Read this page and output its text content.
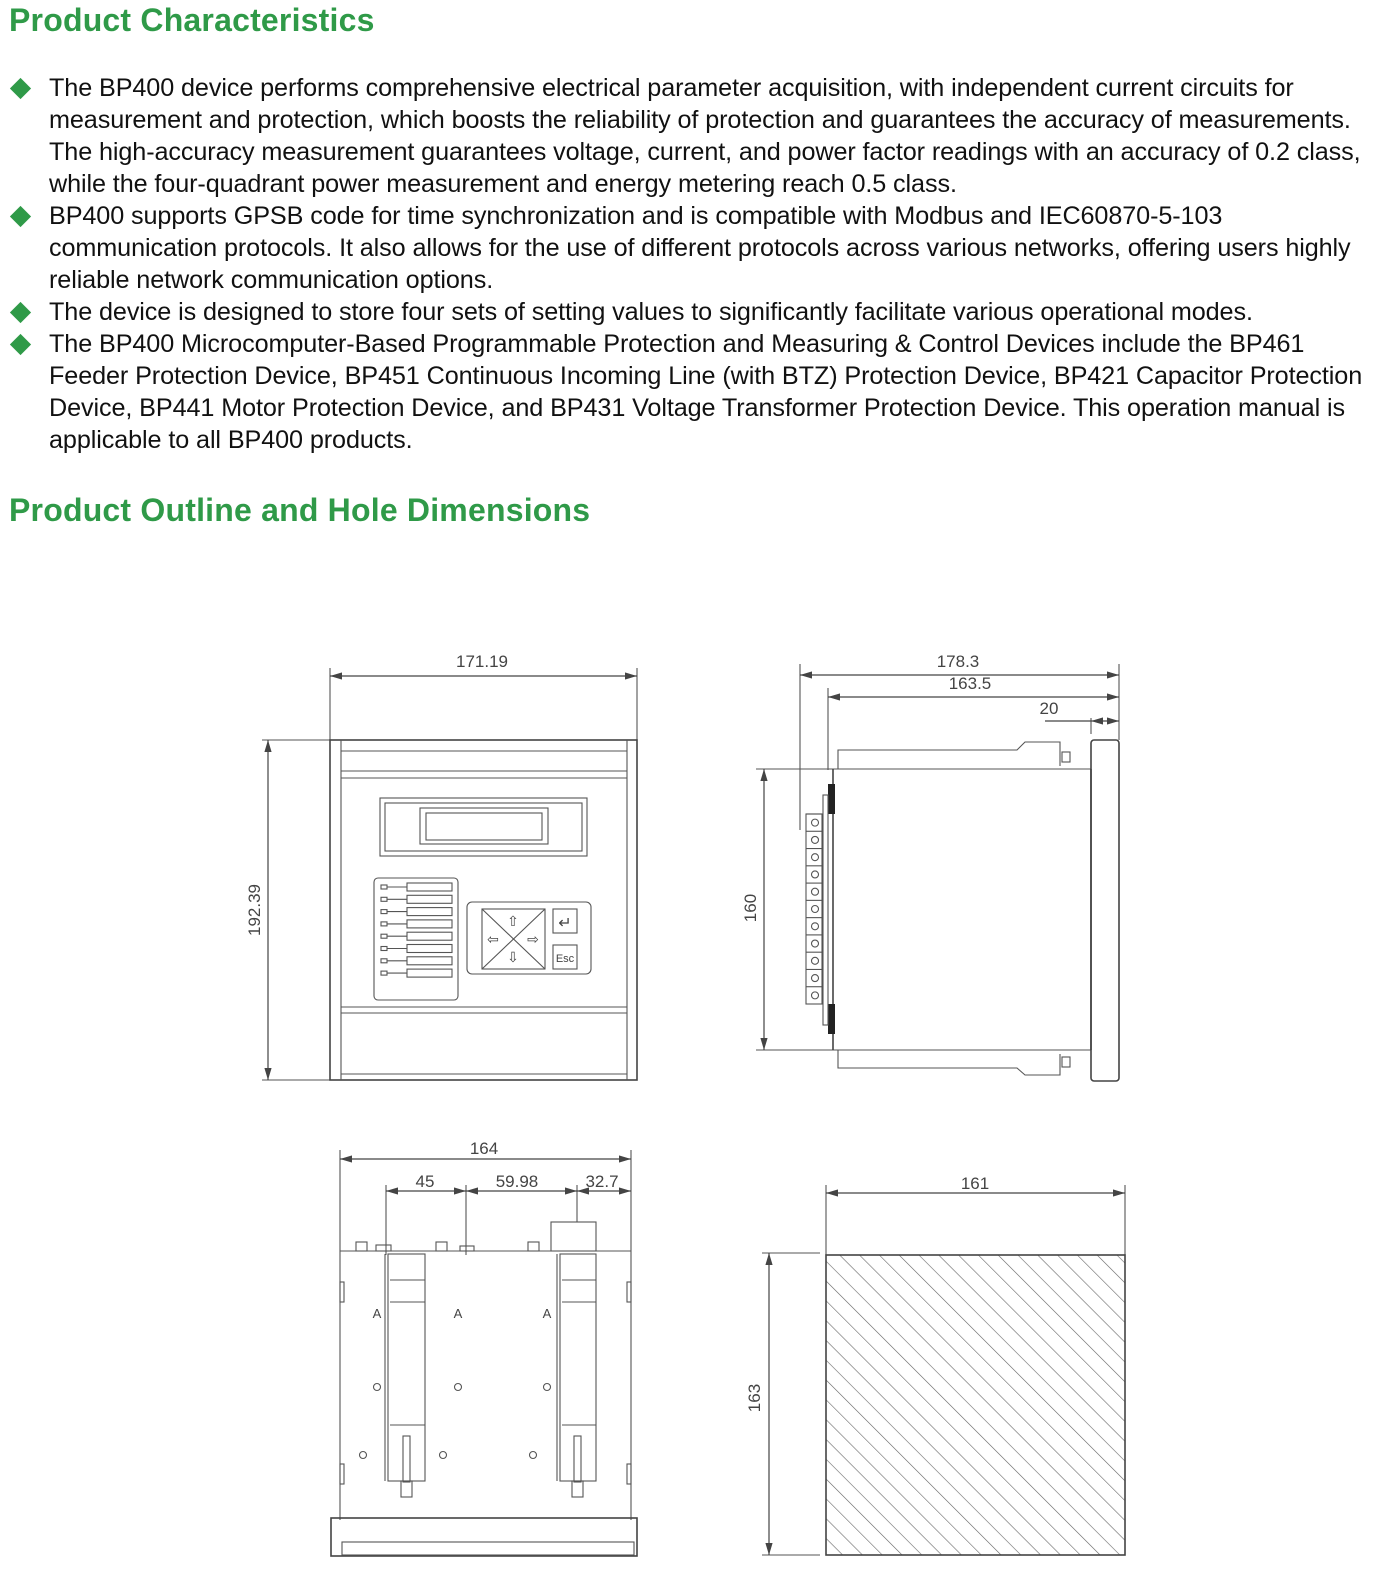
Product Characteristics
The BP400 device performs comprehensive electrical parameter acquisition, with independent current circuits for measurement and protection, which boosts the reliability of protection and guarantees the accuracy of measurements. The high-accuracy measurement guarantees voltage, current, and power factor readings with an accuracy of 0.2 class, while the four-quadrant power measurement and energy metering reach 0.5 class.
BP400 supports GPSB code for time synchronization and is compatible with Modbus and IEC60870-5-103 communication protocols. It also allows for the use of different protocols across various networks, offering users highly reliable network communication options.
The device is designed to store four sets of setting values to significantly facilitate various operational modes.
The BP400 Microcomputer-Based Programmable Protection and Measuring & Control Devices include the BP461 Feeder Protection Device, BP451 Continuous Incoming Line (with BTZ) Protection Device, BP421 Capacitor Protection Device, BP441 Motor Protection Device, and BP431 Voltage Transformer Protection Device. This operation manual is applicable to all BP400 products.
Product Outline and Hole Dimensions
171.19
192.39	⇧
⇩
⇦ ⇨
↵
Esc
178.3
163.5
20
160
164
45	59.98	32.7
A	A	A
161
163
